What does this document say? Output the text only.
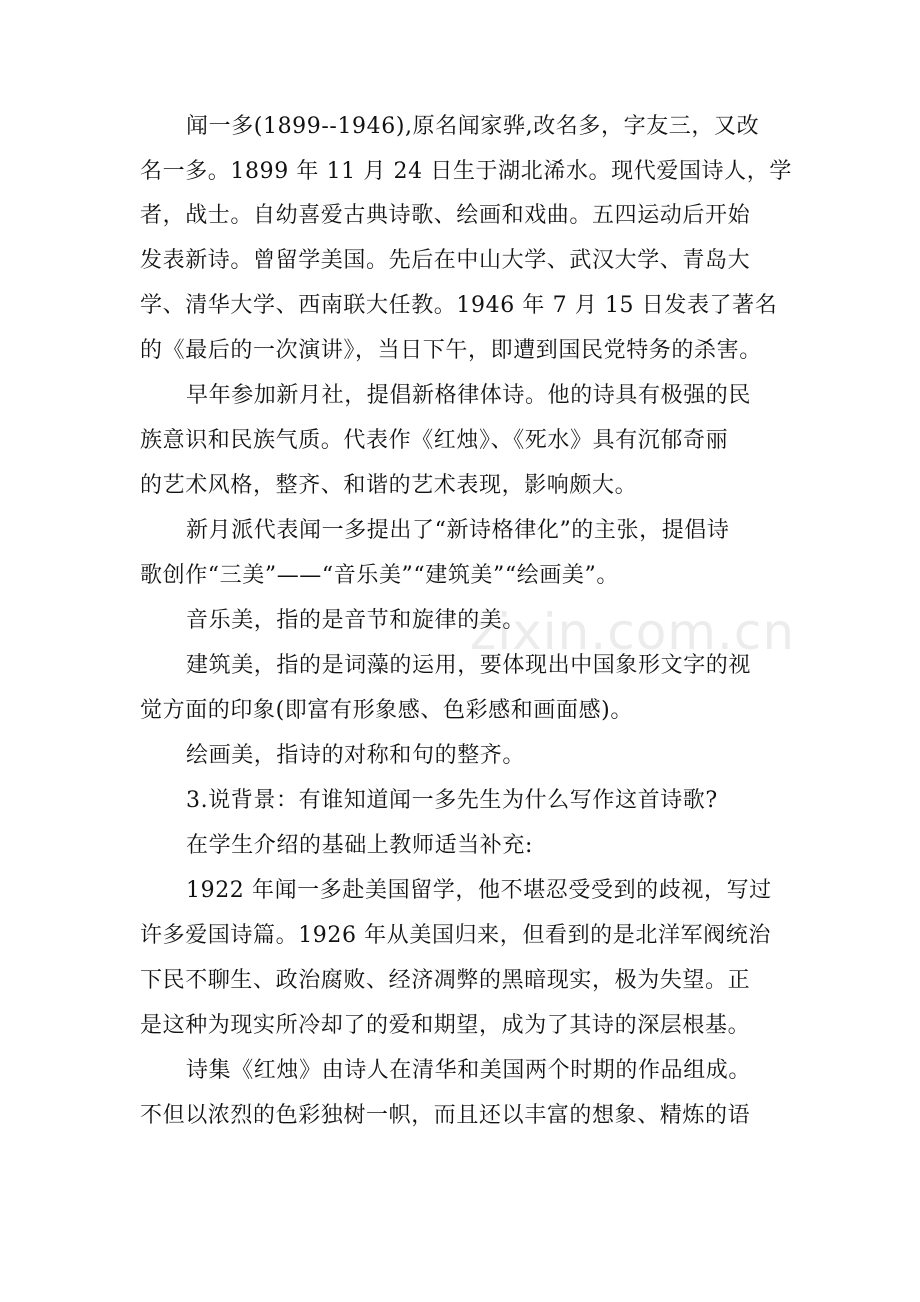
zixin.com.cn
闻一多(1899--1946),原名闻家骅,改名多，字友三，又改
名一多。1899 年 11 月 24 日生于湖北浠水。现代爱国诗人，学
者，战士。自幼喜爱古典诗歌、绘画和戏曲。五四运动后开始
发表新诗。曾留学美国。先后在中山大学、武汉大学、青岛大
学、清华大学、西南联大任教。1946 年 7 月 15 日发表了著名
的《最后的一次演讲》，当日下午，即遭到国民党特务的杀害。
早年参加新月社，提倡新格律体诗。他的诗具有极强的民
族意识和民族气质。代表作《红烛》、《死水》具有沉郁奇丽
的艺术风格，整齐、和谐的艺术表现，影响颇大。
新月派代表闻一多提出了“新诗格律化”的主张，提倡诗
歌创作“三美”——“音乐美”“建筑美”“绘画美”。
音乐美，指的是音节和旋律的美。
建筑美，指的是词藻的运用，要体现出中国象形文字的视
觉方面的印象(即富有形象感、色彩感和画面感)。
绘画美，指诗的对称和句的整齐。
3.说背景：有谁知道闻一多先生为什么写作这首诗歌?
在学生介绍的基础上教师适当补充:
1922 年闻一多赴美国留学，他不堪忍受受到的歧视，写过
许多爱国诗篇。1926 年从美国归来，但看到的是北洋军阀统治
下民不聊生、政治腐败、经济凋弊的黑暗现实，极为失望。正
是这种为现实所冷却了的爱和期望，成为了其诗的深层根基。
诗集《红烛》由诗人在清华和美国两个时期的作品组成。
不但以浓烈的色彩独树一帜，而且还以丰富的想象、精炼的语
